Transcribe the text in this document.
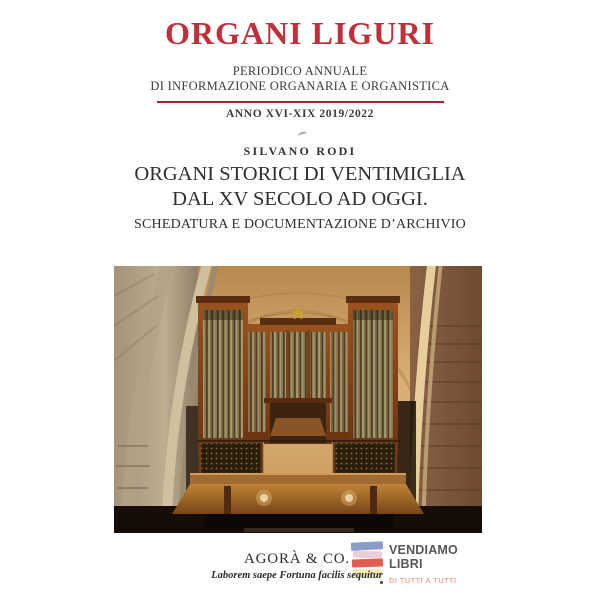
ORGANI LIGURI
PERIODICO ANNUALE
DI INFORMAZIONE ORGANARIA E ORGANISTICA
ANNO XVI-XIX 2019/2022
SILVANO RODI
ORGANI STORICI DI VENTIMIGLIA
DAL XV SECOLO AD OGGI.
SCHEDATURA E DOCUMENTAZIONE D’ARCHIVIO
AGORÀ & CO.
Laborem saepe Fortuna facilis sequitur
VENDIAMO
LIBRI
DI TUTTI A TUTTI
